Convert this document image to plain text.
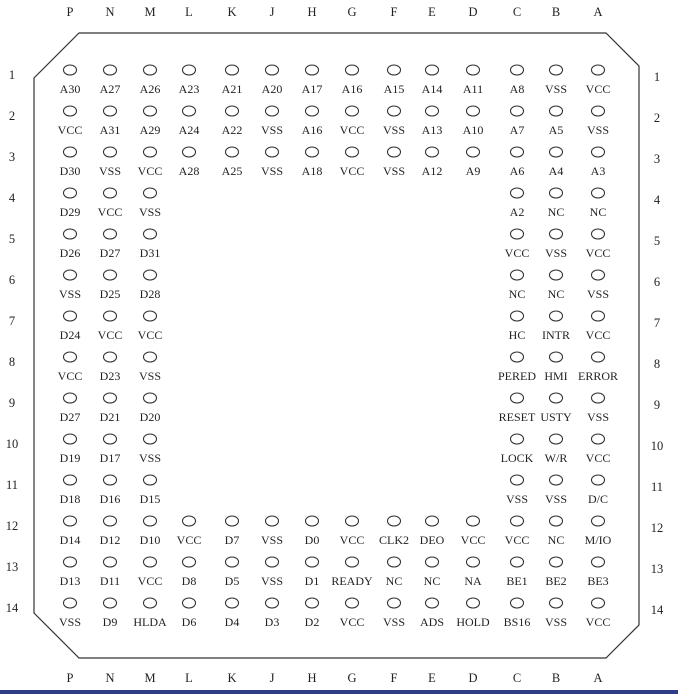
P	N M L	K	J	H G	F E	D	C B	A
P	N M L	K	J	H G	F E	D	C B	A
1
2
3
4
5
6
7
8
9
10
11
12
13
14
1
2
3
4
5
6
7
8
9
10
11
12
13
14
A30 A27 A26 A23 A21 A20 A17 A16 A15 A14 A11 A8 VSS VCC
VCC A31 A29 A24 A22 VSS A16 VCC VSS A13 A10 A7 A5 VSS
D30 VSS VCC A28 A25 VSS A18 VCC VSS A12 A9 A6 A4 A3
D29 VCC VSS	A2 NC NC
D26 D27 D31	VCC VSS VCC
VSS D25 D28	NC NC VSS
D24 VCC VCC	HC INTR VCC
VCC D23 VSS	PERED HMI ERROR
D27 D21 D20	RESET USTY VSS
D19 D17 VSS	LOCK W/R VCC
D18 D16 D15	VSS VSS D/C
D14 D12 D10 VCC D7 VSS D0 VCC CLK2 DEO VCC VCC NC M/IO
D13 D11 VCC D8 D5 VSS D1 READY NC NC NA BE1 BE2 BE3
VSS D9 HLDA D6 D4 D3 D2 VCC VSS ADS HOLD BS16 VSS VCC
